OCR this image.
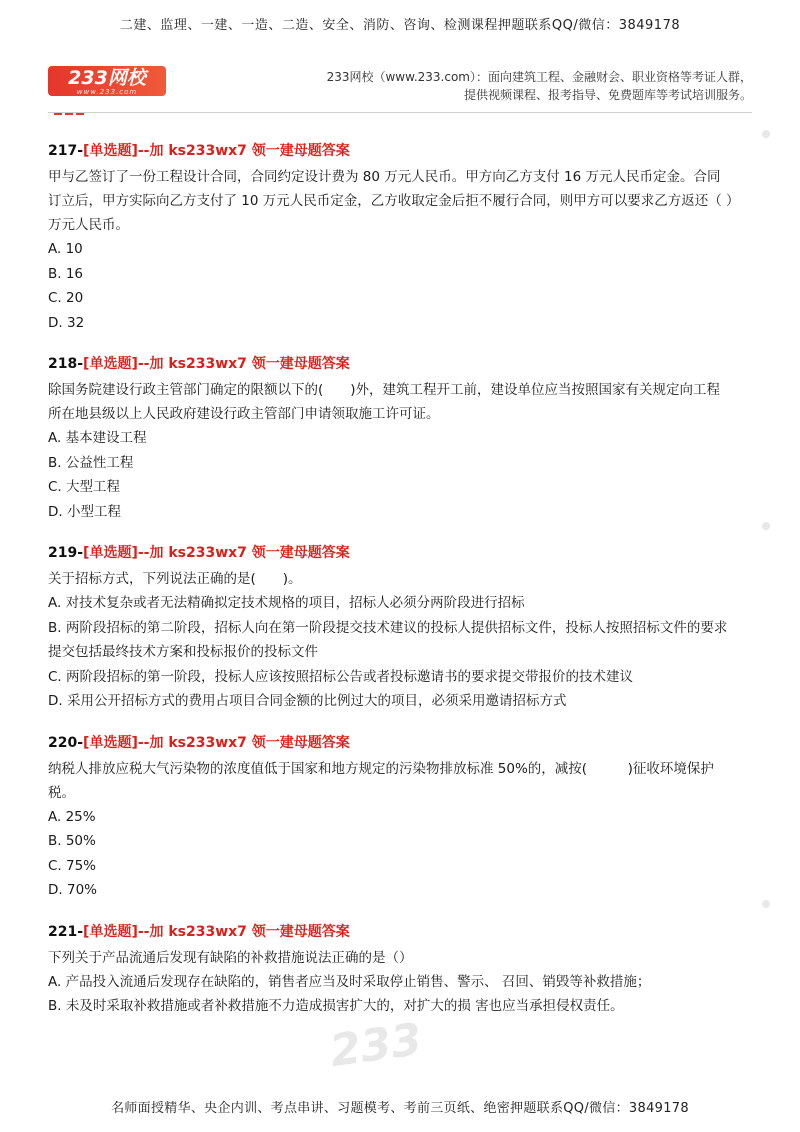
二建、监理、一建、一造、二造、安全、消防、咨询、检测课程押题联系QQ/微信：3849178
233网校
www.233.com
233网校（www.233.com）：面向建筑工程、金融财会、职业资格等考证人群，
提供视频课程、报考指导、免费题库等考试培训服务。
217-[单选题]--加 ks233wx7 领一建母题答案
甲与乙签订了一份工程设计合同，合同约定设计费为 80 万元人民币。甲方向乙方支付 16 万元人民币定金。合同
订立后，甲方实际向乙方支付了 10 万元人民币定金，乙方收取定金后拒不履行合同，则甲方可以要求乙方返还（ ）
万元人民币。
A. 10
B. 16
C. 20
D. 32
218-[单选题]--加 ks233wx7 领一建母题答案
除国务院建设行政主管部门确定的限额以下的(　　)外，建筑工程开工前，建设单位应当按照国家有关规定向工程
所在地县级以上人民政府建设行政主管部门申请领取施工许可证。
A. 基本建设工程
B. 公益性工程
C. 大型工程
D. 小型工程
219-[单选题]--加 ks233wx7 领一建母题答案
关于招标方式，下列说法正确的是(　　)。
A. 对技术复杂或者无法精确拟定技术规格的项目，招标人必须分两阶段进行招标
B. 两阶段招标的第二阶段，招标人向在第一阶段提交技术建议的投标人提供招标文件，投标人按照招标文件的要求
提交包括最终技术方案和投标报价的投标文件
C. 两阶段招标的第一阶段，投标人应该按照招标公告或者投标邀请书的要求提交带报价的技术建议
D. 采用公开招标方式的费用占项目合同金额的比例过大的项目，必须采用邀请招标方式
220-[单选题]--加 ks233wx7 领一建母题答案
纳税人排放应税大气污染物的浓度值低于国家和地方规定的污染物排放标准 50%的，减按(　　　)征收环境保护
税。
A. 25%
B. 50%
C. 75%
D. 70%
221-[单选题]--加 ks233wx7 领一建母题答案
下列关于产品流通后发现有缺陷的补救措施说法正确的是（）
A. 产品投入流通后发现存在缺陷的，销售者应当及时采取停止销售、警示、 召回、销毁等补救措施；
B. 未及时采取补救措施或者补救措施不力造成损害扩大的，对扩大的损 害也应当承担侵权责任。
233
名师面授精华、央企内训、考点串讲、习题模考、考前三页纸、绝密押题联系QQ/微信：3849178
